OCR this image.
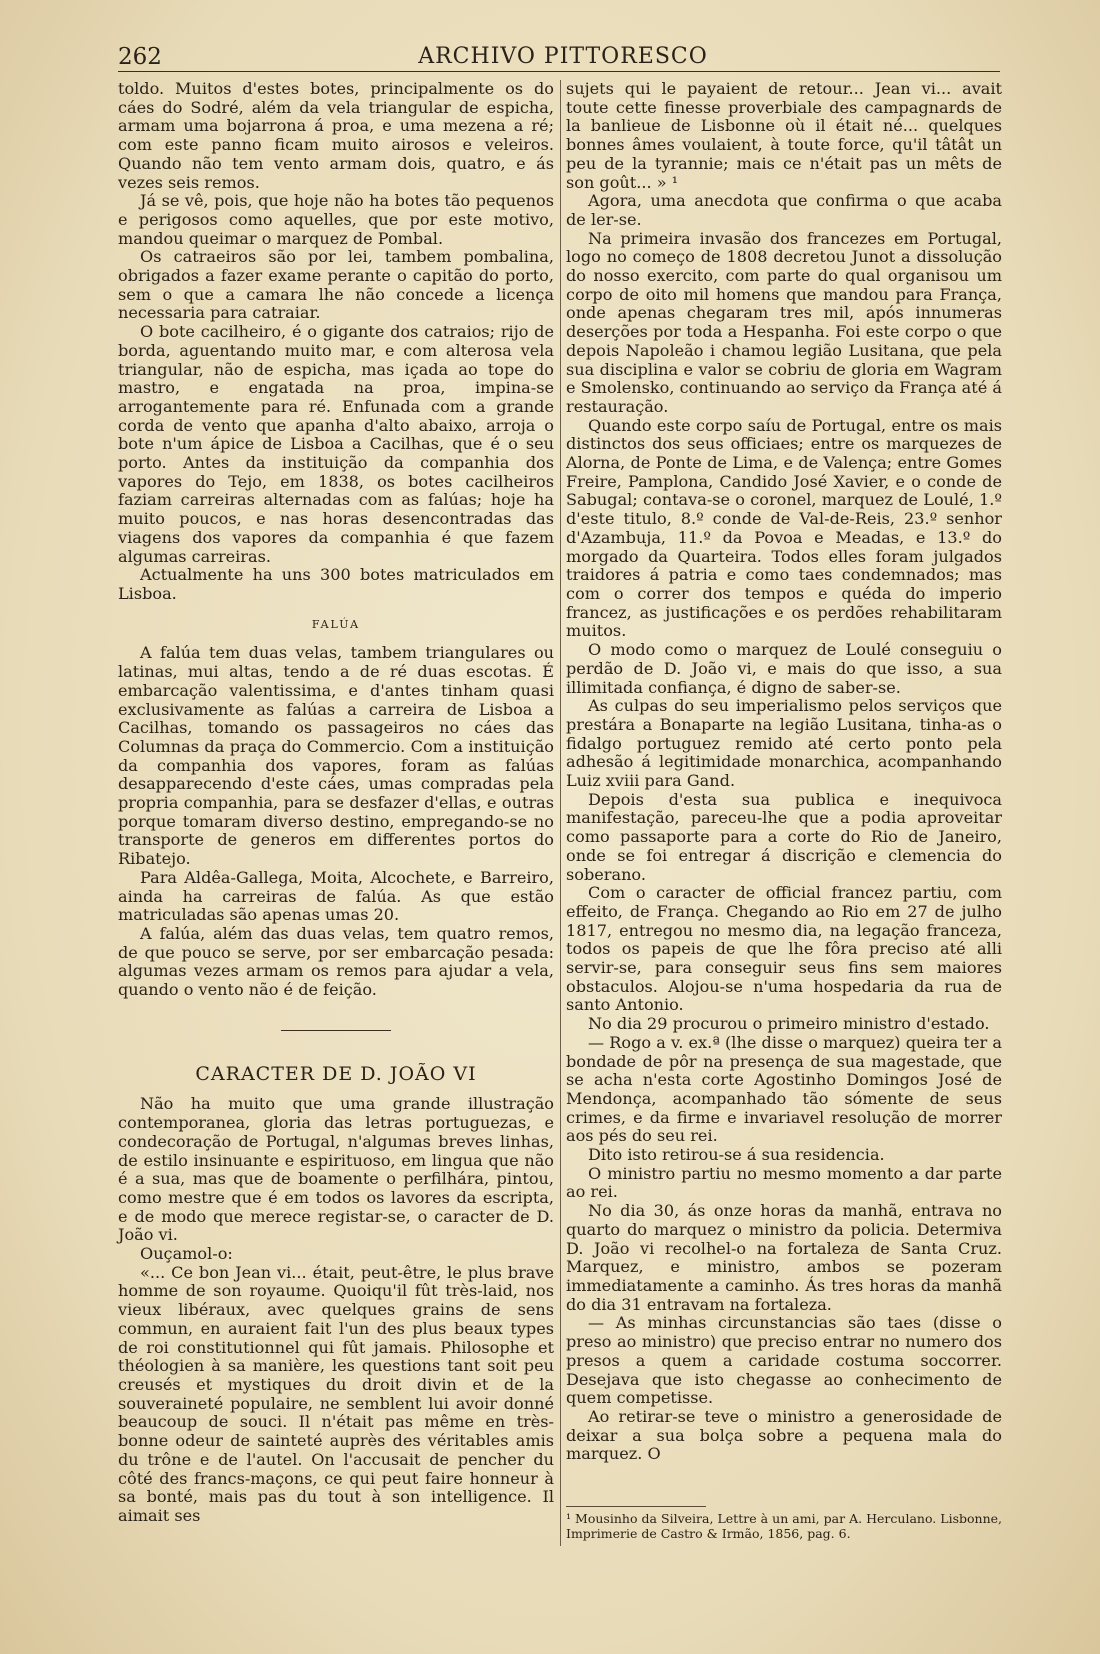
262	ARCHIVO PITTORESCO

toldo. Muitos d'estes botes, principalmente os do cáes do Sodré, além da vela triangular de espicha, armam uma bojarrona á proa, e uma mezena a ré; com este panno ficam muito airosos e veleiros. Quando não tem vento armam dois, quatro, e ás vezes seis remos.

Já se vê, pois, que hoje não ha botes tão pequenos e perigosos como aquelles, que por este motivo, mandou queimar o marquez de Pombal.

Os catraeiros são por lei, tambem pombalina, obrigados a fazer exame perante o capitão do porto, sem o que a camara lhe não concede a licença necessaria para catraiar.

O bote cacilheiro, é o gigante dos catraios; rijo de borda, aguentando muito mar, e com alterosa vela triangular, não de espicha, mas içada ao tope do mastro, e engatada na proa, impina-se arrogantemente para ré. Enfunada com a grande corda de vento que apanha d'alto abaixo, arroja o bote n'um ápice de Lisboa a Cacilhas, que é o seu porto. Antes da instituição da companhia dos vapores do Tejo, em 1838, os botes cacilheiros faziam carreiras alternadas com as falúas; hoje ha muito poucos, e nas horas desencontradas das viagens dos vapores da companhia é que fazem algumas carreiras.

Actualmente ha uns 300 botes matriculados em Lisboa.

FALÚA

A falúa tem duas velas, tambem triangulares ou latinas, mui altas, tendo a de ré duas escotas. É embarcação valentissima, e d'antes tinham quasi exclusivamente as falúas a carreira de Lisboa a Cacilhas, tomando os passageiros no cáes das Columnas da praça do Commercio. Com a instituição da companhia dos vapores, foram as falúas desapparecendo d'este cáes, umas compradas pela propria companhia, para se desfazer d'ellas, e outras porque tomaram diverso destino, empregando-se no transporte de generos em differentes portos do Ribatejo.

Para Aldêa-Gallega, Moita, Alcochete, e Barreiro, ainda ha carreiras de falúa. As que estão matriculadas são apenas umas 20.

A falúa, além das duas velas, tem quatro remos, de que pouco se serve, por ser embarcação pesada: algumas vezes armam os remos para ajudar a vela, quando o vento não é de feição.

CARACTER DE D. JOÃO VI

Não ha muito que uma grande illustração contemporanea, gloria das letras portuguezas, e condecoração de Portugal, n'algumas breves linhas, de estilo insinuante e espirituoso, em lingua que não é a sua, mas que de boamente o perfilhára, pintou, como mestre que é em todos os lavores da escripta, e de modo que merece registar-se, o caracter de D. João vi.

Ouçamol-o:

«... Ce bon Jean vi... était, peut-être, le plus brave homme de son royaume. Quoiqu'il fût très-laid, nos vieux libéraux, avec quelques grains de sens commun, en auraient fait l'un des plus beaux types de roi constitutionnel qui fût jamais. Philosophe et théologien à sa manière, les questions tant soit peu creusés et mystiques du droit divin et de la souveraineté populaire, ne semblent lui avoir donné beaucoup de souci. Il n'était pas même en très-bonne odeur de sainteté auprès des véritables amis du trône e de l'autel. On l'accusait de pencher du côté des francs-maçons, ce qui peut faire honneur à sa bonté, mais pas du tout à son intelligence. Il aimait ses

sujets qui le payaient de retour... Jean vi... avait toute cette finesse proverbiale des campagnards de la banlieue de Lisbonne où il était né... quelques bonnes âmes voulaient, à toute force, qu'il tâtât un peu de la tyrannie; mais ce n'était pas un mêts de son goût... » ¹

Agora, uma anecdota que confirma o que acaba de ler-se.

Na primeira invasão dos francezes em Portugal, logo no começo de 1808 decretou Junot a dissolução do nosso exercito, com parte do qual organisou um corpo de oito mil homens que mandou para França, onde apenas chegaram tres mil, após innumeras deserções por toda a Hespanha. Foi este corpo o que depois Napoleão i chamou legião Lusitana, que pela sua disciplina e valor se cobriu de gloria em Wagram e Smolensko, continuando ao serviço da França até á restauração.

Quando este corpo saíu de Portugal, entre os mais distinctos dos seus officiaes; entre os marquezes de Alorna, de Ponte de Lima, e de Valença; entre Gomes Freire, Pamplona, Candido José Xavier, e o conde de Sabugal; contava-se o coronel, marquez de Loulé, 1.º d'este titulo, 8.º conde de Val-de-Reis, 23.º senhor d'Azambuja, 11.º da Povoa e Meadas, e 13.º do morgado da Quarteira. Todos elles foram julgados traidores á patria e como taes condemnados; mas com o correr dos tempos e quéda do imperio francez, as justificações e os perdões rehabilitaram muitos.

O modo como o marquez de Loulé conseguiu o perdão de D. João vi, e mais do que isso, a sua illimitada confiança, é digno de saber-se.

As culpas do seu imperialismo pelos serviços que prestára a Bonaparte na legião Lusitana, tinha-as o fidalgo portuguez remido até certo ponto pela adhesão á legitimidade monarchica, acompanhando Luiz xviii para Gand.

Depois d'esta sua publica e inequivoca manifestação, pareceu-lhe que a podia aproveitar como passaporte para a corte do Rio de Janeiro, onde se foi entregar á discrição e clemencia do soberano.

Com o caracter de official francez partiu, com effeito, de França. Chegando ao Rio em 27 de julho 1817, entregou no mesmo dia, na legação franceza, todos os papeis de que lhe fôra preciso até alli servir-se, para conseguir seus fins sem maiores obstaculos. Alojou-se n'uma hospedaria da rua de santo Antonio.

No dia 29 procurou o primeiro ministro d'estado.

— Rogo a v. ex.ª (lhe disse o marquez) queira ter a bondade de pôr na presença de sua magestade, que se acha n'esta corte Agostinho Domingos José de Mendonça, acompanhado tão sómente de seus crimes, e da firme e invariavel resolução de morrer aos pés do seu rei.

Dito isto retirou-se á sua residencia.

O ministro partiu no mesmo momento a dar parte ao rei.

No dia 30, ás onze horas da manhã, entrava no quarto do marquez o ministro da policia. Determiva D. João vi recolhel-o na fortaleza de Santa Cruz. Marquez, e ministro, ambos se pozeram immediatamente a caminho. Ás tres horas da manhã do dia 31 entravam na fortaleza.

— As minhas circunstancias são taes (disse o preso ao ministro) que preciso entrar no numero dos presos a quem a caridade costuma soccorrer. Desejava que isto chegasse ao conhecimento de quem competisse.

Ao retirar-se teve o ministro a generosidade de deixar a sua bolça sobre a pequena mala do marquez. O

¹ Mousinho da Silveira, Lettre à un ami, par A. Herculano. Lisbonne, Imprimerie de Castro & Irmão, 1856, pag. 6.
